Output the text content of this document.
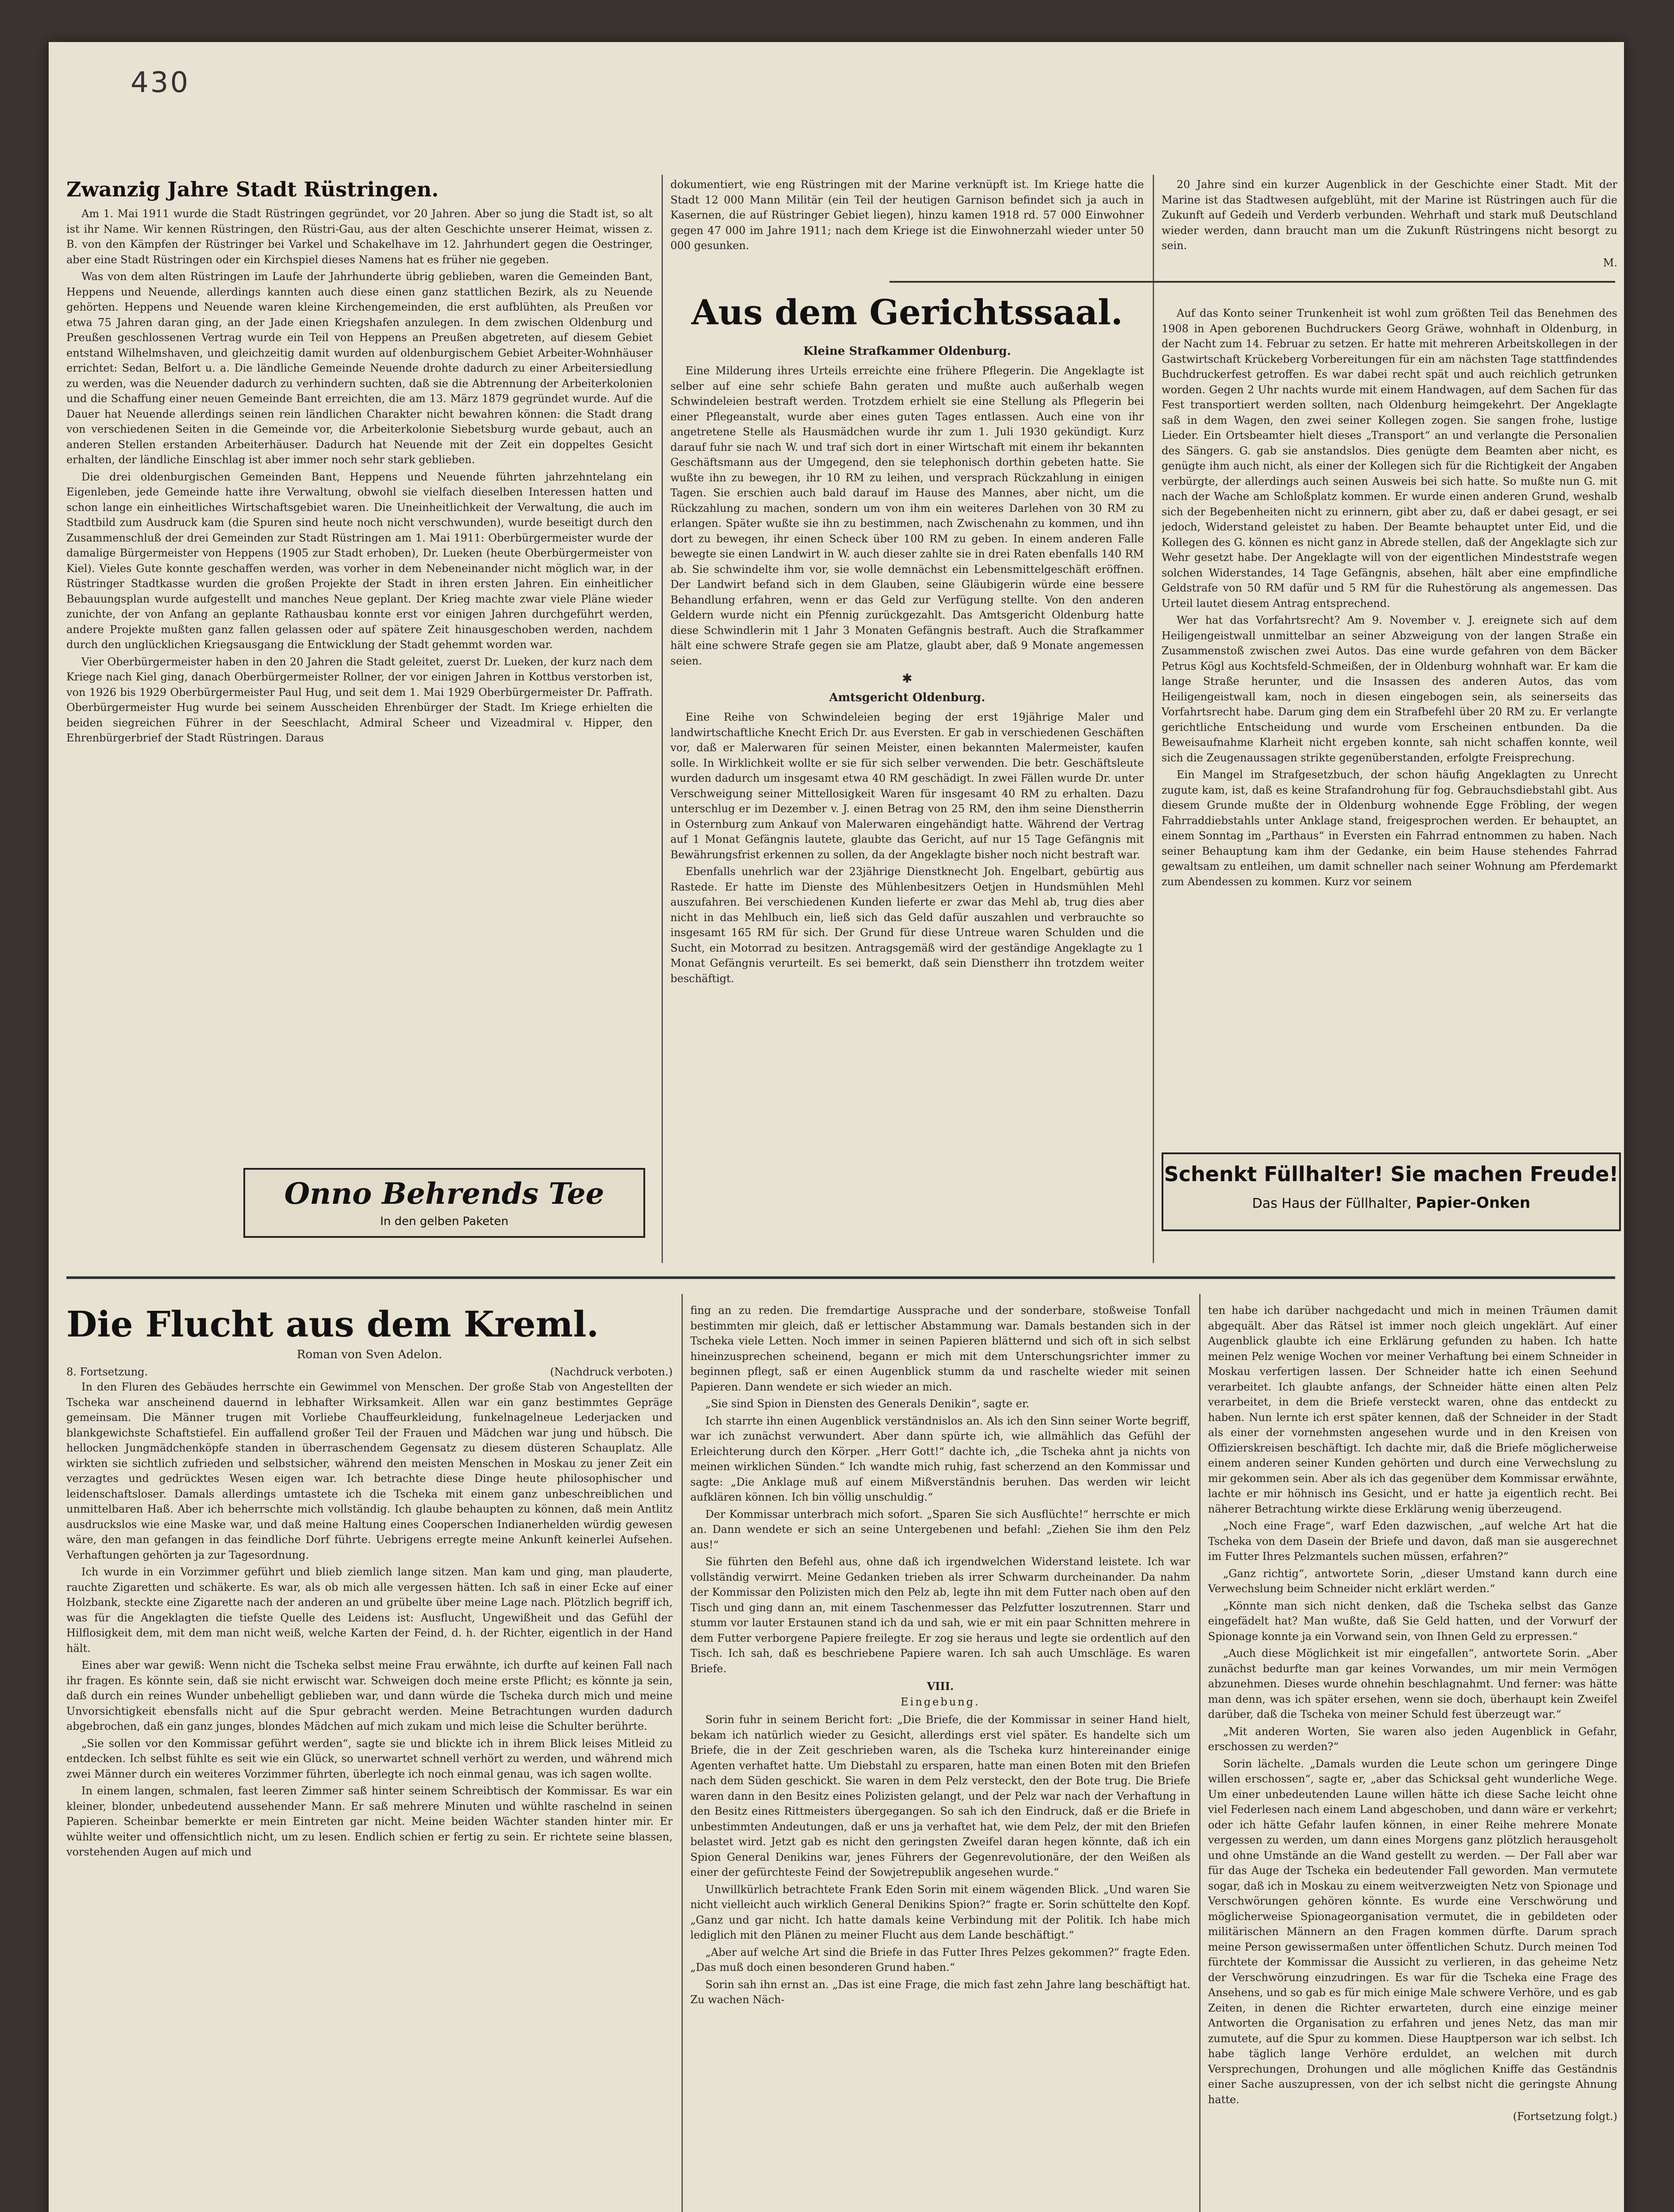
430
Zwanzig Jahre Stadt Rüstringen.

Am 1. Mai 1911 wurde die Stadt Rüstringen gegründet, vor 20 Jahren. Aber so jung die Stadt ist, so alt ist ihr Name. Wir kennen Rüstringen, den Rüstri-Gau, aus der alten Geschichte unserer Heimat, wissen z. B. von den Kämpfen der Rüstringer bei Varkel und Schakelhave im 12. Jahrhundert gegen die Oestringer, aber eine Stadt Rüstringen oder ein Kirchspiel dieses Namens hat es früher nie gegeben.

Was von dem alten Rüstringen im Laufe der Jahrhunderte übrig geblieben, waren die Gemeinden Bant, Heppens und Neuende, allerdings kannten auch diese einen ganz stattlichen Bezirk, als zu Neuende gehörten. Heppens und Neuende waren kleine Kirchengemeinden, die erst aufblühten, als Preußen vor etwa 75 Jahren daran ging, an der Jade einen Kriegshafen anzulegen. In dem zwischen Oldenburg und Preußen geschlossenen Vertrag wurde ein Teil von Heppens an Preußen abgetreten, auf diesem Gebiet entstand Wilhelmshaven, und gleichzeitig damit wurden auf oldenburgischem Gebiet Arbeiter-Wohnhäuser errichtet: Sedan, Belfort u. a. Die ländliche Gemeinde Neuende drohte dadurch zu einer Arbeitersiedlung zu werden, was die Neuender dadurch zu verhindern suchten, daß sie die Abtrennung der Arbeiterkolonien und die Schaffung einer neuen Gemeinde Bant erreichten, die am 13. März 1879 gegründet wurde. Auf die Dauer hat Neuende allerdings seinen rein ländlichen Charakter nicht bewahren können: die Stadt drang von verschiedenen Seiten in die Gemeinde vor, die Arbeiterkolonie Siebetsburg wurde gebaut, auch an anderen Stellen erstanden Arbeiterhäuser. Dadurch hat Neuende mit der Zeit ein doppeltes Gesicht erhalten, der ländliche Einschlag ist aber immer noch sehr stark geblieben.

Die drei oldenburgischen Gemeinden Bant, Heppens und Neuende führten jahrzehntelang ein Eigenleben, jede Gemeinde hatte ihre Verwaltung, obwohl sie vielfach dieselben Interessen hatten und schon lange ein einheitliches Wirtschaftsgebiet waren. Die Uneinheitlichkeit der Verwaltung, die auch im Stadtbild zum Ausdruck kam (die Spuren sind heute noch nicht verschwunden), wurde beseitigt durch den Zusammenschluß der drei Gemeinden zur Stadt Rüstringen am 1. Mai 1911: Oberbürgermeister wurde der damalige Bürgermeister von Heppens (1905 zur Stadt erhoben), Dr. Lueken (heute Oberbürgermeister von Kiel). Vieles Gute konnte geschaffen werden, was vorher in dem Nebeneinander nicht möglich war, in der Rüstringer Stadtkasse wurden die großen Projekte der Stadt in ihren ersten Jahren. Ein einheitlicher Bebauungsplan wurde aufgestellt und manches Neue geplant. Der Krieg machte zwar viele Pläne wieder zunichte, der von Anfang an geplante Rathausbau konnte erst vor einigen Jahren durchgeführt werden, andere Projekte mußten ganz fallen gelassen oder auf spätere Zeit hinausgeschoben werden, nachdem durch den unglücklichen Kriegsausgang die Entwicklung der Stadt gehemmt worden war.

Vier Oberbürgermeister haben in den 20 Jahren die Stadt geleitet, zuerst Dr. Lueken, der kurz nach dem Kriege nach Kiel ging, danach Oberbürgermeister Rollner, der vor einigen Jahren in Kottbus verstorben ist, von 1926 bis 1929 Oberbürgermeister Paul Hug, und seit dem 1. Mai 1929 Oberbürgermeister Dr. Paffrath. Oberbürgermeister Hug wurde bei seinem Ausscheiden Ehrenbürger der Stadt. Im Kriege erhielten die beiden siegreichen Führer in der Seeschlacht, Admiral Scheer und Vizeadmiral v. Hipper, den Ehrenbürgerbrief der Stadt Rüstringen. Daraus

dokumentiert, wie eng Rüstringen mit der Marine verknüpft ist. Im Kriege hatte die Stadt 12 000 Mann Militär (ein Teil der heutigen Garnison befindet sich ja auch in Kasernen, die auf Rüstringer Gebiet liegen), hinzu kamen 1918 rd. 57 000 Einwohner gegen 47 000 im Jahre 1911; nach dem Kriege ist die Einwohnerzahl wieder unter 50 000 gesunken.

Aus dem Gerichtssaal.
Kleine Strafkammer Oldenburg.

Eine Milderung ihres Urteils erreichte eine frühere Pflegerin. Die Angeklagte ist selber auf eine sehr schiefe Bahn geraten und mußte auch außerhalb wegen Schwindeleien bestraft werden. Trotzdem erhielt sie eine Stellung als Pflegerin bei einer Pflegeanstalt, wurde aber eines guten Tages entlassen. Auch eine von ihr angetretene Stelle als Hausmädchen wurde ihr zum 1. Juli 1930 gekündigt. Kurz darauf fuhr sie nach W. und traf sich dort in einer Wirtschaft mit einem ihr bekannten Geschäftsmann aus der Umgegend, den sie telephonisch dorthin gebeten hatte. Sie wußte ihn zu bewegen, ihr 10 RM zu leihen, und versprach Rückzahlung in einigen Tagen. Sie erschien auch bald darauf im Hause des Mannes, aber nicht, um die Rückzahlung zu machen, sondern um von ihm ein weiteres Darlehen von 30 RM zu erlangen. Später wußte sie ihn zu bestimmen, nach Zwischenahn zu kommen, und ihn dort zu bewegen, ihr einen Scheck über 100 RM zu geben. In einem anderen Falle bewegte sie einen Landwirt in W. auch dieser zahlte sie in drei Raten ebenfalls 140 RM ab. Sie schwindelte ihm vor, sie wolle demnächst ein Lebensmittelgeschäft eröffnen. Der Landwirt befand sich in dem Glauben, seine Gläubigerin würde eine bessere Behandlung erfahren, wenn er das Geld zur Verfügung stellte. Von den anderen Geldern wurde nicht ein Pfennig zurückgezahlt. Das Amtsgericht Oldenburg hatte diese Schwindlerin mit 1 Jahr 3 Monaten Gefängnis bestraft. Auch die Strafkammer hält eine schwere Strafe gegen sie am Platze, glaubt aber, daß 9 Monate angemessen seien.

✱
Amtsgericht Oldenburg.

Eine Reihe von Schwindeleien beging der erst 19jährige Maler und landwirtschaftliche Knecht Erich Dr. aus Eversten. Er gab in verschiedenen Geschäften vor, daß er Malerwaren für seinen Meister, einen bekannten Malermeister, kaufen solle. In Wirklichkeit wollte er sie für sich selber verwenden. Die betr. Geschäftsleute wurden dadurch um insgesamt etwa 40 RM geschädigt. In zwei Fällen wurde Dr. unter Verschweigung seiner Mittellosigkeit Waren für insgesamt 40 RM zu erhalten. Dazu unterschlug er im Dezember v. J. einen Betrag von 25 RM, den ihm seine Dienstherrin in Osternburg zum Ankauf von Malerwaren eingehändigt hatte. Während der Vertrag auf 1 Monat Gefängnis lautete, glaubte das Gericht, auf nur 15 Tage Gefängnis mit Bewährungsfrist erkennen zu sollen, da der Angeklagte bisher noch nicht bestraft war.

Ebenfalls unehrlich war der 23jährige Dienstknecht Joh. Engelbart, gebürtig aus Rastede. Er hatte im Dienste des Mühlenbesitzers Oetjen in Hundsmühlen Mehl auszufahren. Bei verschiedenen Kunden lieferte er zwar das Mehl ab, trug dies aber nicht in das Mehlbuch ein, ließ sich das Geld dafür auszahlen und verbrauchte so insgesamt 165 RM für sich. Der Grund für diese Untreue waren Schulden und die Sucht, ein Motorrad zu besitzen. Antragsgemäß wird der geständige Angeklagte zu 1 Monat Gefängnis verurteilt. Es sei bemerkt, daß sein Dienstherr ihn trotzdem weiter beschäftigt.

20 Jahre sind ein kurzer Augenblick in der Geschichte einer Stadt. Mit der Marine ist das Stadtwesen aufgeblüht, mit der Marine ist Rüstringen auch für die Zukunft auf Gedeih und Verderb verbunden. Wehrhaft und stark muß Deutschland wieder werden, dann braucht man um die Zukunft Rüstringens nicht besorgt zu sein.

M.

Auf das Konto seiner Trunkenheit ist wohl zum größten Teil das Benehmen des 1908 in Apen geborenen Buchdruckers Georg Gräwe, wohnhaft in Oldenburg, in der Nacht zum 14. Februar zu setzen. Er hatte mit mehreren Arbeitskollegen in der Gastwirtschaft Krückeberg Vorbereitungen für ein am nächsten Tage stattfindendes Buchdruckerfest getroffen. Es war dabei recht spät und auch reichlich getrunken worden. Gegen 2 Uhr nachts wurde mit einem Handwagen, auf dem Sachen für das Fest transportiert werden sollten, nach Oldenburg heimgekehrt. Der Angeklagte saß in dem Wagen, den zwei seiner Kollegen zogen. Sie sangen frohe, lustige Lieder. Ein Ortsbeamter hielt dieses „Transport“ an und verlangte die Personalien des Sängers. G. gab sie anstandslos. Dies genügte dem Beamten aber nicht, es genügte ihm auch nicht, als einer der Kollegen sich für die Richtigkeit der Angaben verbürgte, der allerdings auch seinen Ausweis bei sich hatte. So mußte nun G. mit nach der Wache am Schloßplatz kommen. Er wurde einen anderen Grund, weshalb sich der Begebenheiten nicht zu erinnern, gibt aber zu, daß er dabei gesagt, er sei jedoch, Widerstand geleistet zu haben. Der Beamte behauptet unter Eid, und die Kollegen des G. können es nicht ganz in Abrede stellen, daß der Angeklagte sich zur Wehr gesetzt habe. Der Angeklagte will von der eigentlichen Mindeststrafe wegen solchen Widerstandes, 14 Tage Gefängnis, absehen, hält aber eine empfindliche Geldstrafe von 50 RM dafür und 5 RM für die Ruhestörung als angemessen. Das Urteil lautet diesem Antrag entsprechend.

Wer hat das Vorfahrtsrecht? Am 9. November v. J. ereignete sich auf dem Heiligengeistwall unmittelbar an seiner Abzweigung von der langen Straße ein Zusammenstoß zwischen zwei Autos. Das eine wurde gefahren von dem Bäcker Petrus Kögl aus Kochtsfeld-Schmeißen, der in Oldenburg wohnhaft war. Er kam die lange Straße herunter, und die Insassen des anderen Autos, das vom Heiligengeistwall kam, noch in diesen eingebogen sein, als seinerseits das Vorfahrtsrecht habe. Darum ging dem ein Strafbefehl über 20 RM zu. Er verlangte gerichtliche Entscheidung und wurde vom Erscheinen entbunden. Da die Beweisaufnahme Klarheit nicht ergeben konnte, sah nicht schaffen konnte, weil sich die Zeugenaussagen strikte gegenüberstanden, erfolgte Freisprechung.

Ein Mangel im Strafgesetzbuch, der schon häufig Angeklagten zu Unrecht zugute kam, ist, daß es keine Strafandrohung für fog. Gebrauchsdiebstahl gibt. Aus diesem Grunde mußte der in Oldenburg wohnende Egge Fröbling, der wegen Fahrraddiebstahls unter Anklage stand, freigesprochen werden. Er behauptet, an einem Sonntag im „Parthaus“ in Eversten ein Fahrrad entnommen zu haben. Nach seiner Behauptung kam ihm der Gedanke, ein beim Hause stehendes Fahrrad gewaltsam zu entleihen, um damit schneller nach seiner Wohnung am Pferdemarkt zum Abendessen zu kommen. Kurz vor seinem

Onno Behrends Tee
In den gelben Paketen
Schenkt Füllhalter! Sie machen Freude!
Das Haus der Füllhalter, Papier-Onken
Die Flucht aus dem Kreml.
Roman von Sven Adelon.
8. Fortsetzung.	(Nachdruck verboten.)

In den Fluren des Gebäudes herrschte ein Gewimmel von Menschen. Der große Stab von Angestellten der Tscheka war anscheinend dauernd in lebhafter Wirksamkeit. Allen war ein ganz bestimmtes Gepräge gemeinsam. Die Männer trugen mit Vorliebe Chauffeurkleidung, funkelnagelneue Lederjacken und blankgewichste Schaftstiefel. Ein auffallend großer Teil der Frauen und Mädchen war jung und hübsch. Die hellocken Jungmädchenköpfe standen in überraschendem Gegensatz zu diesem düsteren Schauplatz. Alle wirkten sie sichtlich zufrieden und selbstsicher, während den meisten Menschen in Moskau zu jener Zeit ein verzagtes und gedrücktes Wesen eigen war. Ich betrachte diese Dinge heute philosophischer und leidenschaftsloser. Damals allerdings umtastete ich die Tscheka mit einem ganz unbeschreiblichen und unmittelbaren Haß. Aber ich beherrschte mich vollständig. Ich glaube behaupten zu können, daß mein Antlitz ausdruckslos wie eine Maske war, und daß meine Haltung eines Cooperschen Indianerhelden würdig gewesen wäre, den man gefangen in das feindliche Dorf führte. Uebrigens erregte meine Ankunft keinerlei Aufsehen. Verhaftungen gehörten ja zur Tagesordnung.

Ich wurde in ein Vorzimmer geführt und blieb ziemlich lange sitzen. Man kam und ging, man plauderte, rauchte Zigaretten und schäkerte. Es war, als ob mich alle vergessen hätten. Ich saß in einer Ecke auf einer Holzbank, steckte eine Zigarette nach der anderen an und grübelte über meine Lage nach. Plötzlich begriff ich, was für die Angeklagten die tiefste Quelle des Leidens ist: Ausflucht, Ungewißheit und das Gefühl der Hilflosigkeit dem, mit dem man nicht weiß, welche Karten der Feind, d. h. der Richter, eigentlich in der Hand hält.

Eines aber war gewiß: Wenn nicht die Tscheka selbst meine Frau erwähnte, ich durfte auf keinen Fall nach ihr fragen. Es könnte sein, daß sie nicht erwischt war. Schweigen doch meine erste Pflicht; es könnte ja sein, daß durch ein reines Wunder unbehelligt geblieben war, und dann würde die Tscheka durch mich und meine Unvorsichtigkeit ebensfalls nicht auf die Spur gebracht werden. Meine Betrachtungen wurden dadurch abgebrochen, daß ein ganz junges, blondes Mädchen auf mich zukam und mich leise die Schulter berührte.

„Sie sollen vor den Kommissar geführt werden“, sagte sie und blickte ich in ihrem Blick leises Mitleid zu entdecken. Ich selbst fühlte es seit wie ein Glück, so unerwartet schnell verhört zu werden, und während mich zwei Männer durch ein weiteres Vorzimmer führten, überlegte ich noch einmal genau, was ich sagen wollte.

In einem langen, schmalen, fast leeren Zimmer saß hinter seinem Schreibtisch der Kommissar. Es war ein kleiner, blonder, unbedeutend aussehender Mann. Er saß mehrere Minuten und wühlte raschelnd in seinen Papieren. Scheinbar bemerkte er mein Eintreten gar nicht. Meine beiden Wächter standen hinter mir. Er wühlte weiter und offensichtlich nicht, um zu lesen. Endlich schien er fertig zu sein. Er richtete seine blassen, vorstehenden Augen auf mich und

fing an zu reden. Die fremdartige Aussprache und der sonderbare, stoßweise Tonfall bestimmten mir gleich, daß er lettischer Abstammung war. Damals bestanden sich in der Tscheka viele Letten. Noch immer in seinen Papieren blätternd und sich oft in sich selbst hineinzusprechen scheinend, begann er mich mit dem Unterschungsrichter immer zu beginnen pflegt, saß er einen Augenblick stumm da und raschelte wieder mit seinen Papieren. Dann wendete er sich wieder an mich.

„Sie sind Spion in Diensten des Generals Denikin“, sagte er.

Ich starrte ihn einen Augenblick verständnislos an. Als ich den Sinn seiner Worte begriff, war ich zunächst verwundert. Aber dann spürte ich, wie allmählich das Gefühl der Erleichterung durch den Körper. „Herr Gott!“ dachte ich, „die Tscheka ahnt ja nichts von meinen wirklichen Sünden.“ Ich wandte mich ruhig, fast scherzend an den Kommissar und sagte: „Die Anklage muß auf einem Mißverständnis beruhen. Das werden wir leicht aufklären können. Ich bin völlig unschuldig.“

Der Kommissar unterbrach mich sofort. „Sparen Sie sich Ausflüchte!“ herrschte er mich an. Dann wendete er sich an seine Untergebenen und befahl: „Ziehen Sie ihm den Pelz aus!“

Sie führten den Befehl aus, ohne daß ich irgendwelchen Widerstand leistete. Ich war vollständig verwirrt. Meine Gedanken trieben als irrer Schwarm durcheinander. Da nahm der Kommissar den Polizisten mich den Pelz ab, legte ihn mit dem Futter nach oben auf den Tisch und ging dann an, mit einem Taschenmesser das Pelzfutter loszutrennen. Starr und stumm vor lauter Erstaunen stand ich da und sah, wie er mit ein paar Schnitten mehrere in dem Futter verborgene Papiere freilegte. Er zog sie heraus und legte sie ordentlich auf den Tisch. Ich sah, daß es beschriebene Papiere waren. Ich sah auch Umschläge. Es waren Briefe.

VIII.
Eingebung.

Sorin fuhr in seinem Bericht fort: „Die Briefe, die der Kommissar in seiner Hand hielt, bekam ich natürlich wieder zu Gesicht, allerdings erst viel später. Es handelte sich um Briefe, die in der Zeit geschrieben waren, als die Tscheka kurz hintereinander einige Agenten verhaftet hatte. Um Diebstahl zu ersparen, hatte man einen Boten mit den Briefen nach dem Süden geschickt. Sie waren in dem Pelz versteckt, den der Bote trug. Die Briefe waren dann in den Besitz eines Polizisten gelangt, und der Pelz war nach der Verhaftung in den Besitz eines Rittmeisters übergegangen. So sah ich den Eindruck, daß er die Briefe in unbestimmten Andeutungen, daß er uns ja verhaftet hat, wie dem Pelz, der mit den Briefen belastet wird. Jetzt gab es nicht den geringsten Zweifel daran hegen könnte, daß ich ein Spion General Denikins war, jenes Führers der Gegenrevolutionäre, der den Weißen als einer der gefürchteste Feind der Sowjetrepublik angesehen wurde.“

Unwillkürlich betrachtete Frank Eden Sorin mit einem wägenden Blick. „Und waren Sie nicht vielleicht auch wirklich General Denikins Spion?“ fragte er. Sorin schüttelte den Kopf. „Ganz und gar nicht. Ich hatte damals keine Verbindung mit der Politik. Ich habe mich lediglich mit den Plänen zu meiner Flucht aus dem Lande beschäftigt.“

„Aber auf welche Art sind die Briefe in das Futter Ihres Pelzes gekommen?“ fragte Eden. „Das muß doch einen besonderen Grund haben.“

Sorin sah ihn ernst an. „Das ist eine Frage, die mich fast zehn Jahre lang beschäftigt hat. Zu wachen Näch-

ten habe ich darüber nachgedacht und mich in meinen Träumen damit abgequält. Aber das Rätsel ist immer noch gleich ungeklärt. Auf einer Augenblick glaubte ich eine Erklärung gefunden zu haben. Ich hatte meinen Pelz wenige Wochen vor meiner Verhaftung bei einem Schneider in Moskau verfertigen lassen. Der Schneider hatte ich einen Seehund verarbeitet. Ich glaubte anfangs, der Schneider hätte einen alten Pelz verarbeitet, in dem die Briefe versteckt waren, ohne das entdeckt zu haben. Nun lernte ich erst später kennen, daß der Schneider in der Stadt als einer der vornehmsten angesehen wurde und in den Kreisen von Offizierskreisen beschäftigt. Ich dachte mir, daß die Briefe möglicherweise einem anderen seiner Kunden gehörten und durch eine Verwechslung zu mir gekommen sein. Aber als ich das gegenüber dem Kommissar erwähnte, lachte er mir höhnisch ins Gesicht, und er hatte ja eigentlich recht. Bei näherer Betrachtung wirkte diese Erklärung wenig überzeugend.

„Noch eine Frage“, warf Eden dazwischen, „auf welche Art hat die Tscheka von dem Dasein der Briefe und davon, daß man sie ausgerechnet im Futter Ihres Pelzmantels suchen müssen, erfahren?“

„Ganz richtig“, antwortete Sorin, „dieser Umstand kann durch eine Verwechslung beim Schneider nicht erklärt werden.“

„Könnte man sich nicht denken, daß die Tscheka selbst das Ganze eingefädelt hat? Man wußte, daß Sie Geld hatten, und der Vorwurf der Spionage konnte ja ein Vorwand sein, von Ihnen Geld zu erpressen.“

„Auch diese Möglichkeit ist mir eingefallen“, antwortete Sorin. „Aber zunächst bedurfte man gar keines Vorwandes, um mir mein Vermögen abzunehmen. Dieses wurde ohnehin beschlagnahmt. Und ferner: was hätte man denn, was ich später ersehen, wenn sie doch, überhaupt kein Zweifel darüber, daß die Tscheka von meiner Schuld fest überzeugt war.“

„Mit anderen Worten, Sie waren also jeden Augenblick in Gefahr, erschossen zu werden?“

Sorin lächelte. „Damals wurden die Leute schon um geringere Dinge willen erschossen“, sagte er, „aber das Schicksal geht wunderliche Wege. Um einer unbedeutenden Laune willen hätte ich diese Sache leicht ohne viel Federlesen nach einem Land abgeschoben, und dann wäre er verkehrt; oder ich hätte Gefahr laufen können, in einer Reihe mehrere Monate vergessen zu werden, um dann eines Morgens ganz plötzlich herausgeholt und ohne Umstände an die Wand gestellt zu werden. — Der Fall aber war für das Auge der Tscheka ein bedeutender Fall geworden. Man vermutete sogar, daß ich in Moskau zu einem weitverzweigten Netz von Spionage und Verschwörungen gehören könnte. Es wurde eine Verschwörung und möglicherweise Spionageorganisation vermutet, die in gebildeten oder militärischen Männern an den Fragen kommen dürfte. Darum sprach meine Person gewissermaßen unter öffentlichen Schutz. Durch meinen Tod fürchtete der Kommissar die Aussicht zu verlieren, in das geheime Netz der Verschwörung einzudringen. Es war für die Tscheka eine Frage des Ansehens, und so gab es für mich einige Male schwere Verhöre, und es gab Zeiten, in denen die Richter erwarteten, durch eine einzige meiner Antworten die Organisation zu erfahren und jenes Netz, das man mir zumutete, auf die Spur zu kommen. Diese Hauptperson war ich selbst. Ich habe täglich lange Verhöre erduldet, an welchen mit durch Versprechungen, Drohungen und alle möglichen Kniffe das Geständnis einer Sache auszupressen, von der ich selbst nicht die geringste Ahnung hatte.

(Fortsetzung folgt.)
